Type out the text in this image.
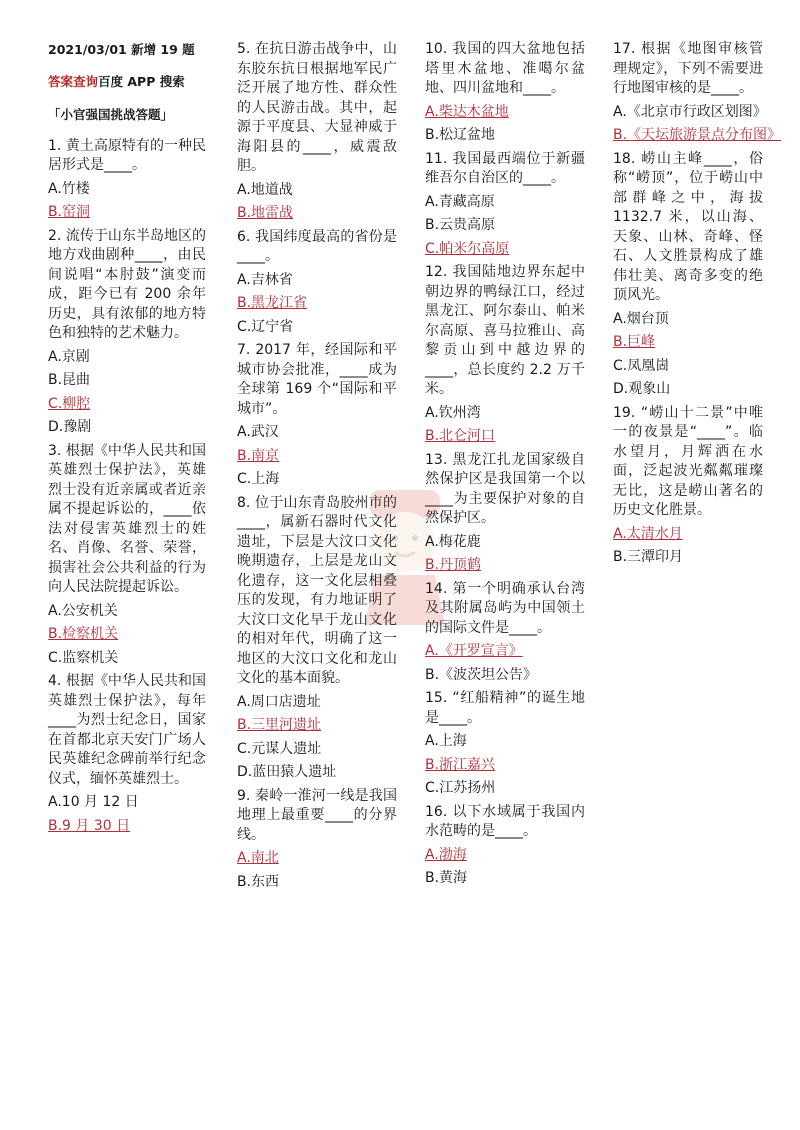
2021/03/01 新增 19 题
答案查询百度 APP 搜索
「小官强国挑战答题」
1. 黄土高原特有的一种民居形式是____。
A.竹楼
B.窑洞
2. 流传于山东半岛地区的地方戏曲剧种____，由民间说唱“本肘鼓”演变而成，距今已有 200 余年历史，具有浓郁的地方特色和独特的艺术魅力。
A.京剧
B.昆曲
C.柳腔
D.豫剧
3. 根据《中华人民共和国英雄烈士保护法》，英雄烈士没有近亲属或者近亲属不提起诉讼的，____依法对侵害英雄烈士的姓名、肖像、名誉、荣誉，损害社会公共利益的行为向人民法院提起诉讼。
A.公安机关
B.检察机关
C.监察机关
4. 根据《中华人民共和国英雄烈士保护法》，每年____为烈士纪念日，国家在首都北京天安门广场人民英雄纪念碑前举行纪念仪式，缅怀英雄烈士。
A.10 月 12 日
B.9 月 30 日
5. 在抗日游击战争中，山东胶东抗日根据地军民广泛开展了地方性、群众性的人民游击战。其中，起源于平度县、大显神威于海阳县的____，威震敌胆。
A.地道战
B.地雷战
6. 我国纬度最高的省份是____。
A.吉林省
B.黑龙江省
C.辽宁省
7. 2017 年，经国际和平城市协会批准，____成为全球第 169 个“国际和平城市”。
A.武汉
B.南京
C.上海
8. 位于山东青岛胶州市的____，属新石器时代文化遗址，下层是大汶口文化晚期遗存，上层是龙山文化遗存，这一文化层相叠压的发现，有力地证明了大汶口文化早于龙山文化的相对年代，明确了这一地区的大汶口文化和龙山文化的基本面貌。
A.周口店遗址
B.三里河遗址
C.元谋人遗址
D.蓝田猿人遗址
9. 秦岭一淮河一线是我国地理上最重要____的分界线。
A.南北
B.东西
10. 我国的四大盆地包括塔里木盆地、准噶尔盆地、四川盆地和____。
A.柴达木盆地
B.松辽盆地
11. 我国最西端位于新疆维吾尔自治区的____。
A.青藏高原
B.云贵高原
C.帕米尔高原
12. 我国陆地边界东起中朝边界的鸭绿江口，经过黑龙江、阿尔泰山、帕米尔高原、喜马拉雅山、高黎贡山到中越边界的____，总长度约 2.2 万千米。
A.钦州湾
B.北仑河口
13. 黑龙江扎龙国家级自然保护区是我国第一个以____为主要保护对象的自然保护区。
A.梅花鹿
B.丹顶鹤
14. 第一个明确承认台湾及其附属岛屿为中国领土的国际文件是____。
A.《开罗宣言》
B.《波茨坦公告》
15. “红船精神”的诞生地是____。
A.上海
B.浙江嘉兴
C.江苏扬州
16. 以下水域属于我国内水范畴的是____。
A.渤海
B.黄海
17. 根据《地图审核管理规定》，下列不需要进行地图审核的是____。
A.《北京市行政区划图》
B.《天坛旅游景点分布图》
18. 崂山主峰____，俗称“崂顶”，位于崂山中部群峰之中，海拔 1132.7 米，以山海、天象、山林、奇峰、怪石、人文胜景构成了雄伟壮美、离奇多变的绝顶风光。
A.烟台顶
B.巨峰
C.凤凰崮
D.观象山
19. “崂山十二景”中唯一的夜景是“____”。临水望月，月辉洒在水面，泛起波光粼粼璀璨无比，这是崂山著名的历史文化胜景。
A.太清水月
B.三潭印月
